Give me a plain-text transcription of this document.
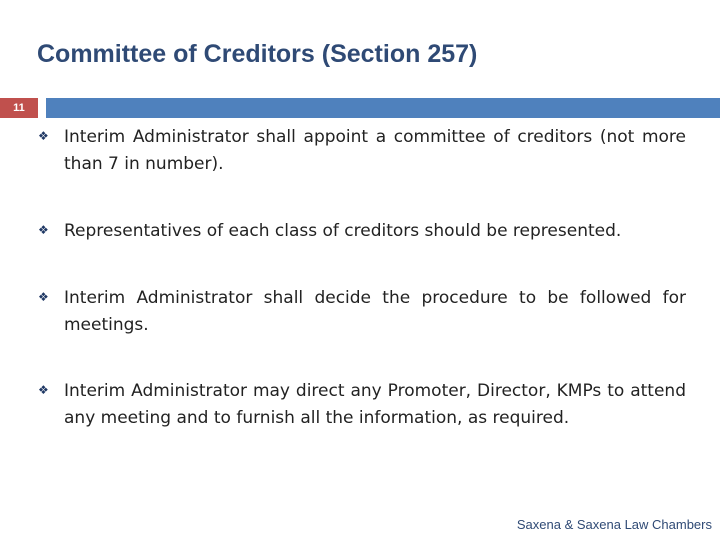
Committee of Creditors (Section 257)
11
❖ Interim Administrator shall appoint a committee of creditors (not more than 7 in number).
❖ Representatives of each class of creditors should be represented.
❖ Interim Administrator shall decide the procedure to be followed for meetings.
❖ Interim Administrator may direct any Promoter, Director, KMPs to attend any meeting and to furnish all the information, as required.
Saxena & Saxena Law Chambers
